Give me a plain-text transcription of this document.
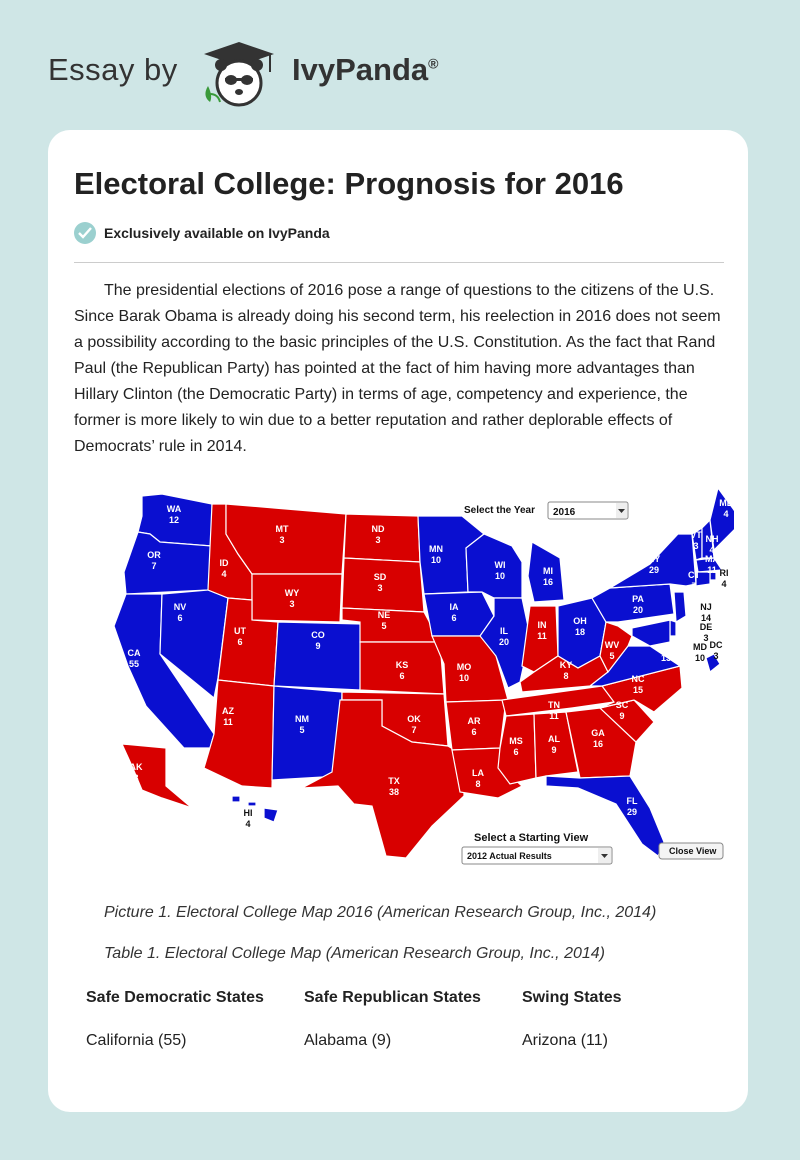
Essay by	IvyPanda®
Electoral College: Prognosis for 2016
Exclusively available on IvyPanda

The presidential elections of 2016 pose a range of questions to the citizens of the U.S. Since Barak Obama is already doing his second term, his reelection in 2016 does not seem a possibility according to the basic principles of the U.S. Constitution. As the fact that Rand Paul (the Republican Party) has pointed at the fact of him having more advantages than Hillary Clinton (the Democratic Party) in terms of age, competency and experience, the former is more likely to win due to a better reputation and rather deplorable effects of Democrats’ rule in 2014.

WA
12
OR
7
CA
55
NV
6
ID
4
MT
3
WY
3
UT
6
AZ
11
CO
9
NM
5
ND
3
SD
3
NE
5
KS
6
OK
7
TX
38
MN
10
IA
6
MO
10
AR
6
LA
8
WI
10
IL
20
MI
16
IN
11
OH
18
KY
8
TN
11
MS
6
AL
9
GA
16
FL
29
SC
9
NC
15
VA
13
WV
5
PA
20
NY
29
VT
3
NH
4
ME
4
MA
11 RI
4
CT
7
NJ
14
DE
3
MD
10
DC
3
AK
3
HI
4
Select the Year 2016
Select a Starting View
2012 Actual Results	Close View
Picture 1. Electoral College Map 2016 (American Research Group, Inc., 2014)
Table 1. Electoral College Map (American Research Group, Inc., 2014)
Safe Democratic States	Safe Republican States	Swing States
California (55)	Alabama (9)	Arizona (11)
